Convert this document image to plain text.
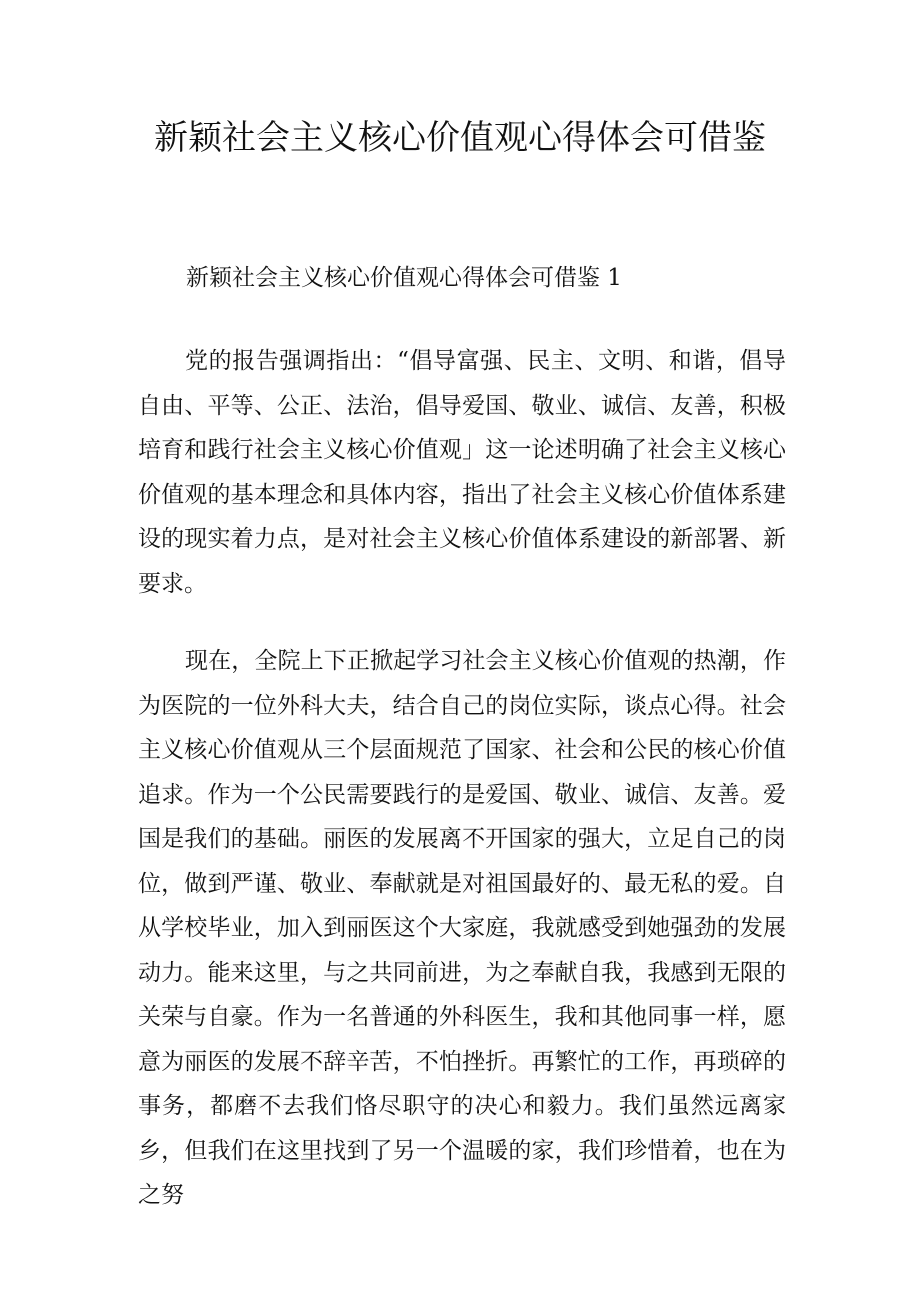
新颖社会主义核心价值观心得体会可借鉴

新颖社会主义核心价值观心得体会可借鉴 1

党的报告强调指出：“倡导富强、民主、文明、和谐，倡导自由、平等、公正、法治，倡导爱国、敬业、诚信、友善，积极培育和践行社会主义核心价值观」这一论述明确了社会主义核心价值观的基本理念和具体内容，指出了社会主义核心价值体系建设的现实着力点，是对社会主义核心价值体系建设的新部署、新要求。

现在，全院上下正掀起学习社会主义核心价值观的热潮，作为医院的一位外科大夫，结合自己的岗位实际，谈点心得。社会主义核心价值观从三个层面规范了国家、社会和公民的核心价值追求。作为一个公民需要践行的是爱国、敬业、诚信、友善。爱国是我们的基础。丽医的发展离不开国家的强大，立足自己的岗位，做到严谨、敬业、奉献就是对祖国最好的、最无私的爱。自从学校毕业，加入到丽医这个大家庭，我就感受到她强劲的发展动力。能来这里，与之共同前进，为之奉献自我，我感到无限的关荣与自豪。作为一名普通的外科医生，我和其他同事一样，愿意为丽医的发展不辞辛苦，不怕挫折。再繁忙的工作，再琐碎的事务，都磨不去我们恪尽职守的决心和毅力。我们虽然远离家乡，但我们在这里找到了另一个温暖的家，我们珍惜着，也在为之努
